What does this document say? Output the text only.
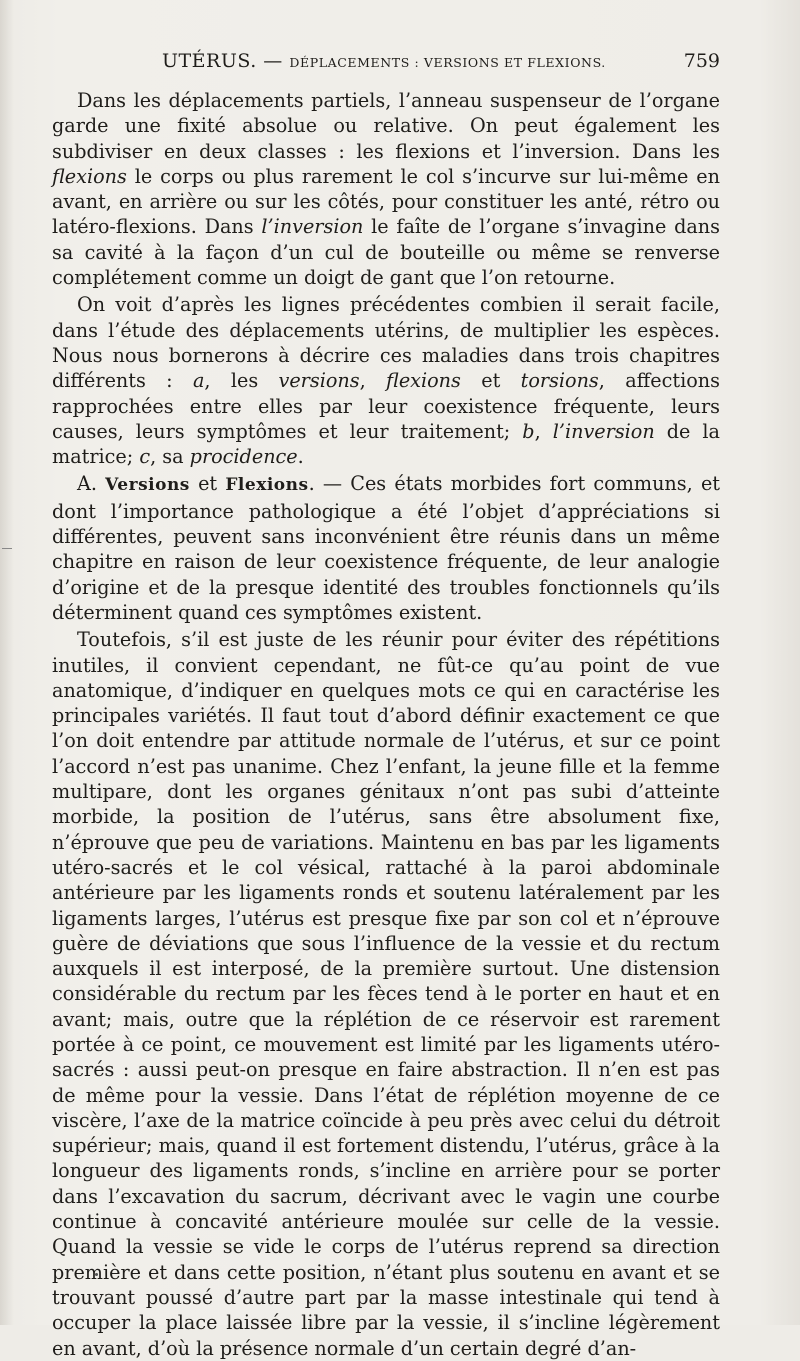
UTÉRUS. — DÉPLACEMENTS : VERSIONS ET FLEXIONS.	759

Dans les déplacements partiels, l’anneau suspenseur de l’organe garde une fixité absolue ou relative. On peut également les subdiviser en deux classes : les flexions et l’inversion. Dans les flexions le corps ou plus rarement le col s’incurve sur lui-même en avant, en arrière ou sur les côtés, pour constituer les anté, rétro ou latéro-flexions. Dans l’inversion le faîte de l’organe s’invagine dans sa cavité à la façon d’un cul de bouteille ou même se renverse complétement comme un doigt de gant que l’on retourne.

On voit d’après les lignes précédentes combien il serait facile, dans l’étude des déplacements utérins, de multiplier les espèces. Nous nous bornerons à décrire ces maladies dans trois chapitres différents : a, les versions, flexions et torsions, affections rapprochées entre elles par leur coexistence fréquente, leurs causes, leurs symptômes et leur traitement; b, l’inversion de la matrice; c, sa procidence.

A. Versions et Flexions. — Ces états morbides fort communs, et dont l’importance pathologique a été l’objet d’appréciations si différentes, peuvent sans inconvénient être réunis dans un même chapitre en raison de leur coexistence fréquente, de leur analogie d’origine et de la presque identité des troubles fonctionnels qu’ils déterminent quand ces symptômes existent.

Toutefois, s’il est juste de les réunir pour éviter des répétitions inutiles, il convient cependant, ne fût-ce qu’au point de vue anatomique, d’indiquer en quelques mots ce qui en caractérise les principales variétés. Il faut tout d’abord définir exactement ce que l’on doit entendre par attitude normale de l’utérus, et sur ce point l’accord n’est pas unanime. Chez l’enfant, la jeune fille et la femme multipare, dont les organes génitaux n’ont pas subi d’atteinte morbide, la position de l’utérus, sans être absolument fixe, n’éprouve que peu de variations. Maintenu en bas par les ligaments utéro-sacrés et le col vésical, rattaché à la paroi abdominale antérieure par les ligaments ronds et soutenu latéralement par les ligaments larges, l’utérus est presque fixe par son col et n’éprouve guère de déviations que sous l’influence de la vessie et du rectum auxquels il est interposé, de la première surtout. Une distension considérable du rectum par les fèces tend à le porter en haut et en avant; mais, outre que la réplétion de ce réservoir est rarement portée à ce point, ce mouvement est limité par les ligaments utéro-sacrés : aussi peut-on presque en faire abstraction. Il n’en est pas de même pour la vessie. Dans l’état de réplétion moyenne de ce viscère, l’axe de la matrice coïncide à peu près avec celui du détroit supérieur; mais, quand il est fortement distendu, l’utérus, grâce à la longueur des ligaments ronds, s’incline en arrière pour se porter dans l’excavation du sacrum, décrivant avec le vagin une courbe continue à concavité antérieure moulée sur celle de la vessie. Quand la vessie se vide le corps de l’utérus reprend sa direction première et dans cette position, n’étant plus soutenu en avant et se trouvant poussé d’autre part par la masse intestinale qui tend à occuper la place laissée libre par la vessie, il s’incline légèrement en avant, d’où la présence normale d’un certain degré d’an-
